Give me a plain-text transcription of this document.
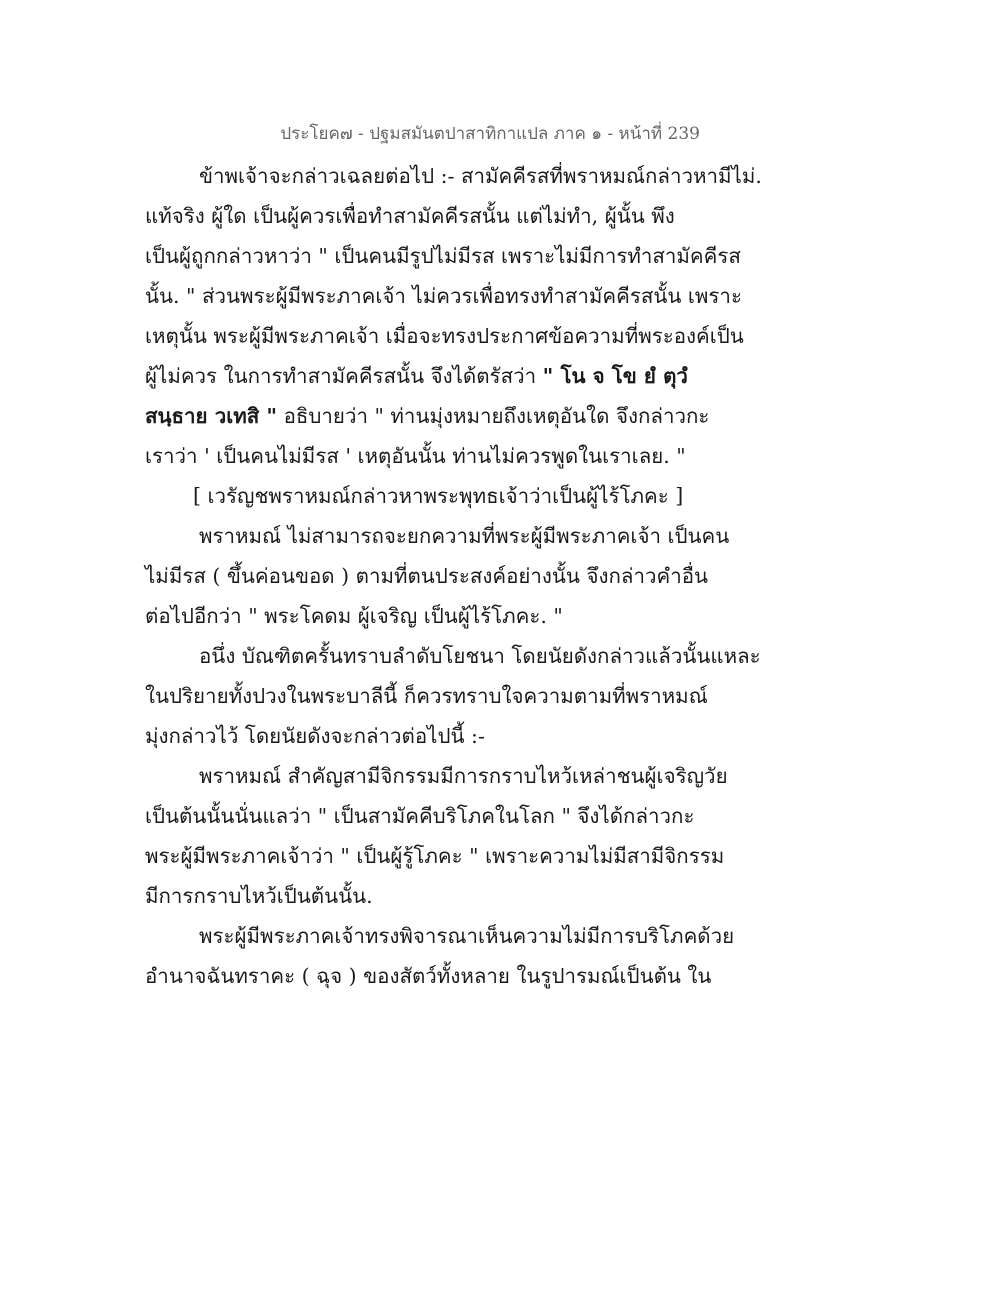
ประโยค๗ - ปฐมสมันตปาสาทิกาแปล ภาค ๑ - หน้าที่ 239
ข้าพเจ้าจะกล่าวเฉลยต่อไป :- สามัคคีรสที่พราหมณ์กล่าวหามีไม่.
แท้จริง ผู้ใด เป็นผู้ควรเพื่อทำสามัคคีรสนั้น แต่ไม่ทำ, ผู้นั้น พึง
เป็นผู้ถูกกล่าวหาว่า " เป็นคนมีรูปไม่มีรส เพราะไม่มีการทำสามัคคีรส
นั้น. " ส่วนพระผู้มีพระภาคเจ้า ไม่ควรเพื่อทรงทำสามัคคีรสนั้น เพราะ
เหตุนั้น พระผู้มีพระภาคเจ้า เมื่อจะทรงประกาศข้อความที่พระองค์เป็น
ผู้ไม่ควร ในการทำสามัคคีรสนั้น จึงได้ตรัสว่า " โน จ โข ยํ ตุวํ
สนฺธาย วเทสิ " อธิบายว่า " ท่านมุ่งหมายถึงเหตุอันใด จึงกล่าวกะ
เราว่า ' เป็นคนไม่มีรส ' เหตุอันนั้น ท่านไม่ควรพูดในเราเลย. "
[ เวรัญชพราหมณ์กล่าวหาพระพุทธเจ้าว่าเป็นผู้ไร้โภคะ ]
พราหมณ์ ไม่สามารถจะยกความที่พระผู้มีพระภาคเจ้า เป็นคน
ไม่มีรส ( ขึ้นค่อนขอด ) ตามที่ตนประสงค์อย่างนั้น จึงกล่าวคำอื่น
ต่อไปอีกว่า " พระโคดม ผู้เจริญ เป็นผู้ไร้โภคะ. "
อนึ่ง บัณฑิตครั้นทราบลำดับโยชนา โดยนัยดังกล่าวแล้วนั้นแหละ
ในปริยายทั้งปวงในพระบาลีนี้ ก็ควรทราบใจความตามที่พราหมณ์
มุ่งกล่าวไว้ โดยนัยดังจะกล่าวต่อไปนี้ :-
พราหมณ์ สำคัญสามีจิกรรมมีการกราบไหว้เหล่าชนผู้เจริญวัย
เป็นต้นนั้นนั่นแลว่า " เป็นสามัคคีบริโภคในโลก " จึงได้กล่าวกะ
พระผู้มีพระภาคเจ้าว่า " เป็นผู้รู้โภคะ " เพราะความไม่มีสามีจิกรรม
มีการกราบไหว้เป็นต้นนั้น.
พระผู้มีพระภาคเจ้าทรงพิจารณาเห็นความไม่มีการบริโภคด้วย
อำนาจฉันทราคะ ( ฉุจ ) ของสัตว์ทั้งหลาย ในรูปารมณ์เป็นต้น ใน
